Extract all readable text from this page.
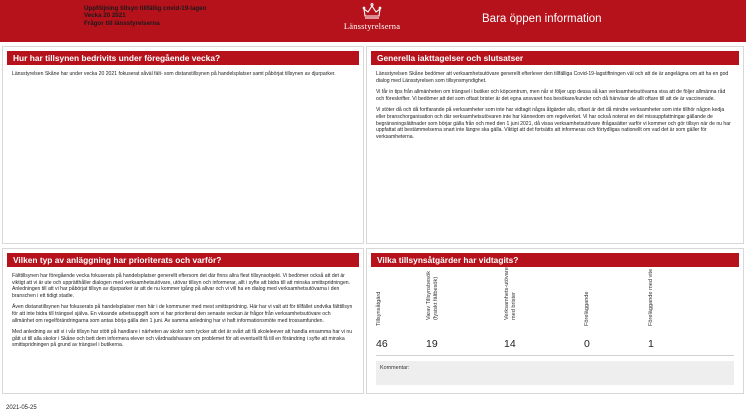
Uppföljning tillsyn tillfällig covid-19-lagen
Vecka 20 2021
Frågor till länsstyrelserna	Länsstyrelserna
Bara öppen information
Hur har tillsynen bedrivits under föregående vecka?

Länsstyrelsen Skåne har under vecka 20 2021 fokuserat såväl fält- som distanstillsynen på handelsplatser samt påbörjat tillsynen av djurparker.

Generella iakttagelser och slutsatser

Länsstyrelsen Skåne bedömer att verksamhetsutövare generellt efterlever den tillfälliga Covid-19-lagstiftningen väl och att de är angelägna om att ha en god dialog med Länsstyrelsen som tillsynsmyndighet.

Vi får in tips från allmänheten om trängsel i butiker och köpcentrum, men når vi följer upp dessa så kan verksamhetsutövarna visa att de följer allmänna råd och föreskrifter. Vi bedömer att det som oftast brister är det egna ansvaret hos besökare/kunder och då hänvisar de allt oftare till att de är vaccinerade.

Vi stöter då och då fortfarande på verksamheter som inte har vidtagit några åtgärder alls, oftast är det då mindre verksamheter som inte tillhör någon kedja eller branschorganisation och där verksamhetsutövaren inte har kännedom om regelverket. Vi har också noterat en del missuppfattningar gällande de begränsningslättnader som börjar gälla från och med den 1 juni 2021, då vissa verksamhetsutövare ifrågasätter varför vi kommer och gör tillsyn när de nu har uppfattat att bestämmelserna snart inte längre ska gälla. Viktigt att det fortsätts att informeras och förtydligas nationellt om vad det är som gäller för verksamheterna.

Vilken typ av anläggning har prioriterats och varför?

Fälttillsynen har föregående vecka fokuserats på handelsplatser generellt eftersom det där finns allra flest tillsynsobjekt. Vi bedömer också att det är viktigt att vi är ute och upprätthåller dialogen med verksamhetsutövare, utövar tillsyn och informerar, allt i syfte att bidra till att minska smittspridningen. Anledningen till att vi har påbörjat tillsyn av djurparker är att de nu kommer igång på allvar och vi vill ha en dialog med verksamhetsutövarna i den branschen i ett tidigt stadie.

Även distanstillsynen har fokuserats på handelsplatser men här i de kommuner med mest smittspridning. Här har vi valt att för tillfället undvika fälttillsyn för att inte bidra till trängsel själva. En växande arbetsuppgift som vi har prioriterat den senaste veckan är frågor från verksamhetsutövare och allmänhet om regelförändringarna som antas börja gälla den 1 juni. Av samma anledning har vi haft informationsmöte med trossamfunden.

Med anledning av att vi i vår tillsyn har stött på handlare i närheten av skolor som tycker att det är svårt att få skoleleever att handla ensamma har vi nu gått ut till alla skolor i Skåne och bett dem informera elever och vårdnadshavare om problemet för att eventuellt få till en förändring i syfte att minska smittspridningen på grund av trängsel i butikerna.

Vilka tillsynsåtgärder har vidtagits?
Tillsynsåtgärd
46
Varav Tillsynsbesök (fysiskt fältbesök)
19
Verksamhets-utövare med brister
14
Föreläggande
0
Föreläggande med vite
1
Kommentar:
2021-05-25
